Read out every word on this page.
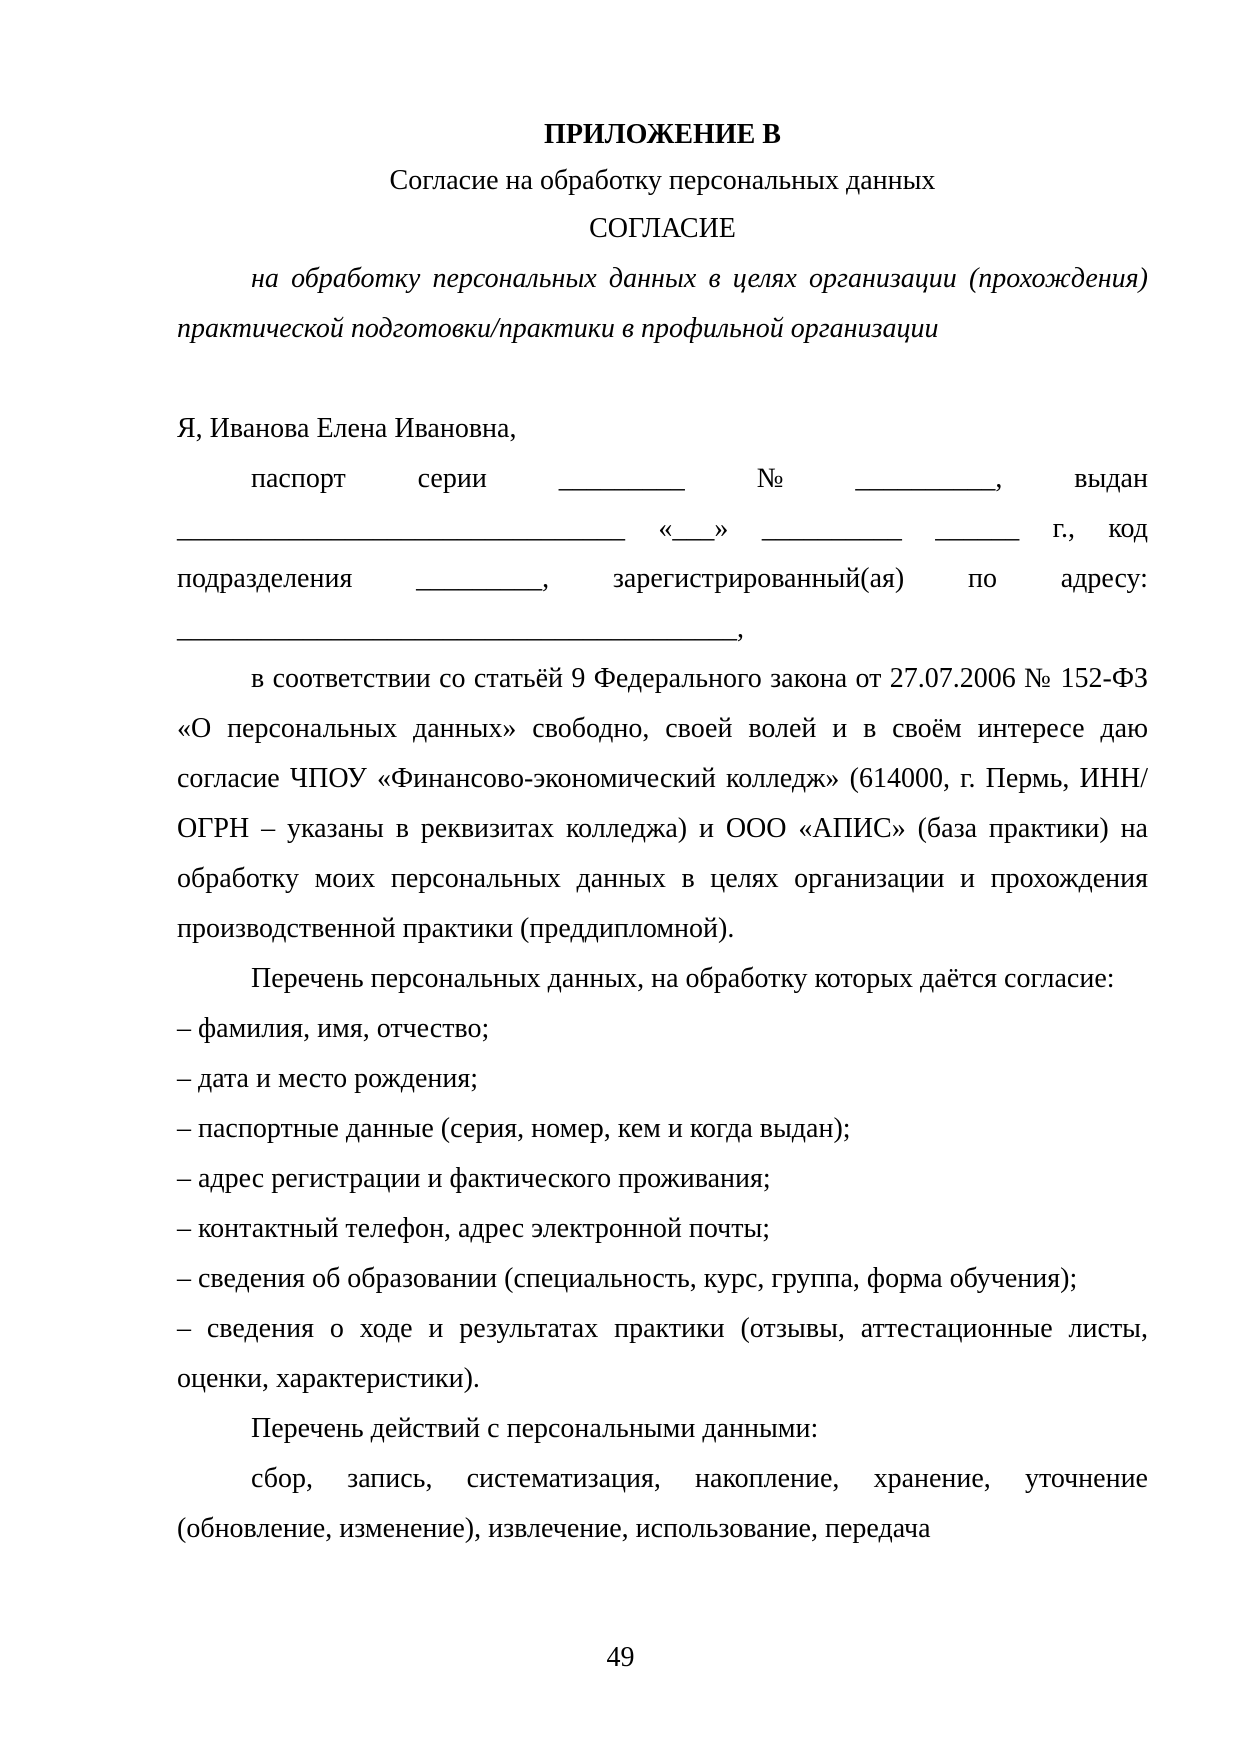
ПРИЛОЖЕНИЕ В

Согласие на обработку персональных данных

СОГЛАСИЕ

на обработку персональных данных в целях организации (прохождения) практической подготовки/практики в профильной организации

Я, Иванова Елена Ивановна,

паспорт	серии	_________	№	__________,	выдан
________________________________ «___» __________ ______ г., код
подразделения _________, зарегистрированный(ая) по адресу:

________________________________________,

в соответствии со статьёй 9 Федерального закона от 27.07.2006 № 152-ФЗ «О персональных данных» свободно, своей волей и в своём интересе даю согласие ЧПОУ «Финансово-экономический колледж» (614000, г. Пермь, ИНН/ОГРН – указаны в реквизитах колледжа) и ООО «АПИС» (база практики) на обработку моих персональных данных в целях организации и прохождения производственной практики (преддипломной).

Перечень персональных данных, на обработку которых даётся согласие:

– фамилия, имя, отчество;

– дата и место рождения;

– паспортные данные (серия, номер, кем и когда выдан);

– адрес регистрации и фактического проживания;

– контактный телефон, адрес электронной почты;

– сведения об образовании (специальность, курс, группа, форма обучения);

– сведения о ходе и результатах практики (отзывы, аттестационные листы, оценки, характеристики).

Перечень действий с персональными данными:

сбор, запись, систематизация, накопление, хранение, уточнение (обновление, изменение), извлечение, использование, передача

49
